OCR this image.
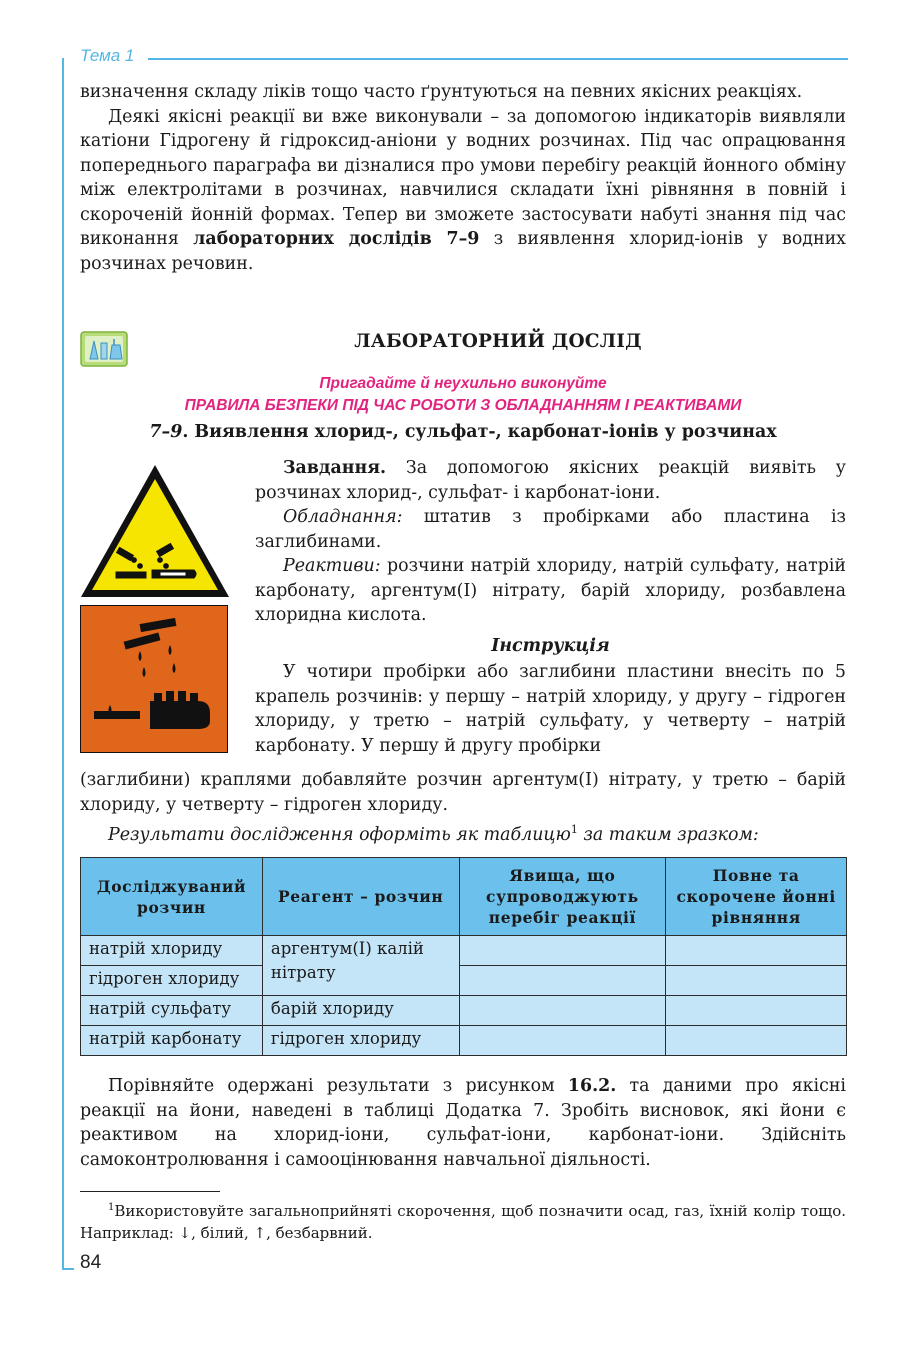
Тема 1

визначення складу ліків тощо часто ґрунтуються на певних якісних реакціях.

Деякі якісні реакції ви вже виконували – за допомогою індикаторів виявляли катіони Гідрогену й гідроксид-аніони у водних розчинах. Під час опрацювання попереднього параграфа ви дізналися про умови перебігу реакцій йонного обміну між електролітами в розчинах, навчилися складати їхні рівняння в повній і скороченій йонній формах. Тепер ви зможете застосувати набуті знання під час виконання лабораторних дослідів 7–9 з виявлення хлорид-іонів у водних розчинах речовин.

ЛАБОРАТОРНИЙ ДОСЛІД
Пригадайте й неухильно виконуйте
ПРАВИЛА БЕЗПЕКИ ПІД ЧАС РОБОТИ З ОБЛАДНАННЯМ І РЕАКТИВАМИ
7–9. Виявлення хлорид-, сульфат-, карбонат-іонів у розчинах

Завдання. За допомогою якісних реакцій виявіть у розчинах хлорид-, сульфат- і карбонат-іони.

Обладнання: штатив з пробірками або пластина із заглибинами.

Реактиви: розчини натрій хлориду, натрій сульфату, натрій карбонату, аргентум(I) нітрату, барій хлориду, розбавлена хлоридна кислота.

Інструкція

У чотири пробірки або заглибини пластини внесіть по 5 крапель розчинів: у першу – натрій хлориду, у другу – гідроген хлориду, у третю – натрій сульфату, у четверту – натрій карбонату. У першу й другу пробірки

(заглибини) краплями добавляйте розчин аргентум(I) нітрату, у третю – барій хлориду, у четверту – гідроген хлориду.

Результати дослідження оформіть як таблицю$^1$ за таким зразком:
Досліджуваний розчин	Реагент – розчин	Явища, що супроводжують перебіг реакції	Повне та скорочене йонні рівняння
натрій хлориду	аргентум(I) калій нітрату		
гідроген хлориду			
натрій сульфату	барій хлориду		
натрій карбонату	гідроген хлориду		

Порівняйте одержані результати з рисунком 16.2. та даними про якісні реакції на йони, наведені в таблиці Додатка 7. Зробіть висновок, які йони є реактивом на хлорид-іони, сульфат-іони, карбонат-іони. Здійсніть самоконтролювання і самооцінювання навчальної діяльності.

$^1$Використовуйте загальноприйняті скорочення, щоб позначити осад, газ, їхній колір тощо. Наприклад: ↓, білий, ↑, безбарвний.
84
